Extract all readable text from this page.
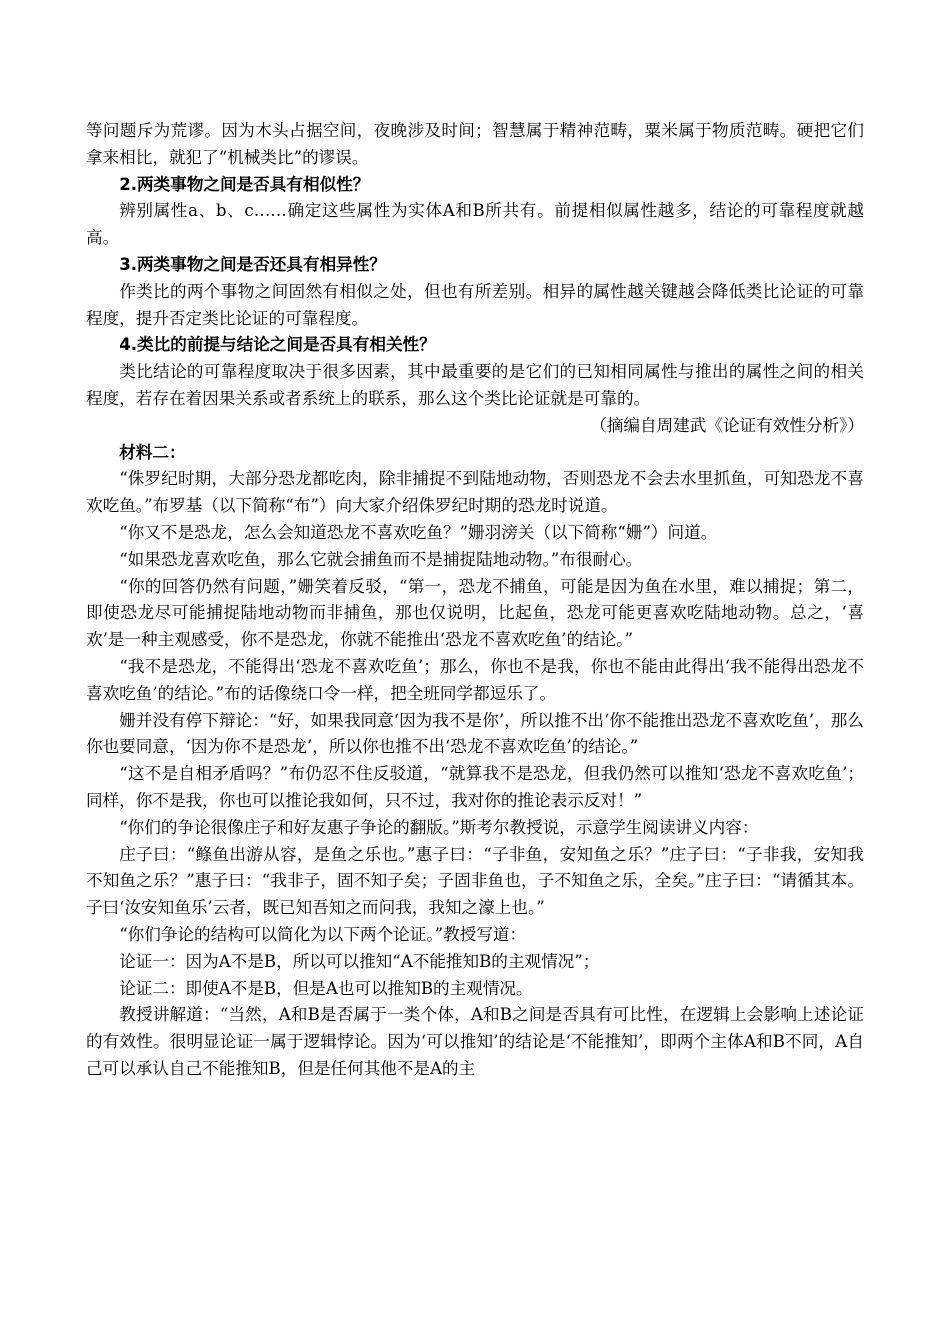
等问题斥为荒谬。因为木头占据空间，夜晚涉及时间；智慧属于精神范畴，粟米属于物质范畴。硬把它们拿来相比，就犯了“机械类比”的谬误。

2.两类事物之间是否具有相似性？

辨别属性a、b、c……确定这些属性为实体A和B所共有。前提相似属性越多，结论的可靠程度就越高。

3.两类事物之间是否还具有相异性？

作类比的两个事物之间固然有相似之处，但也有所差别。相异的属性越关键越会降低类比论证的可靠程度，提升否定类比论证的可靠程度。

4.类比的前提与结论之间是否具有相关性？

类比结论的可靠程度取决于很多因素，其中最重要的是它们的已知相同属性与推出的属性之间的相关程度，若存在着因果关系或者系统上的联系，那么这个类比论证就是可靠的。

（摘编自周建武《论证有效性分析》）

材料二：

“侏罗纪时期，大部分恐龙都吃肉，除非捕捉不到陆地动物，否则恐龙不会去水里抓鱼，可知恐龙不喜欢吃鱼。”布罗基（以下简称“布”）向大家介绍侏罗纪时期的恐龙时说道。

“你又不是恐龙，怎么会知道恐龙不喜欢吃鱼？”姗羽滂关（以下简称“姗”）问道。

“如果恐龙喜欢吃鱼，那么它就会捕鱼而不是捕捉陆地动物。”布很耐心。

“你的回答仍然有问题，”姗笑着反驳，“第一，恐龙不捕鱼，可能是因为鱼在水里，难以捕捉；第二，即使恐龙尽可能捕捉陆地动物而非捕鱼，那也仅说明，比起鱼，恐龙可能更喜欢吃陆地动物。总之，‘喜欢’是一种主观感受，你不是恐龙，你就不能推出‘恐龙不喜欢吃鱼’的结论。”

“我不是恐龙，不能得出‘恐龙不喜欢吃鱼’；那么，你也不是我，你也不能由此得出‘我不能得出恐龙不喜欢吃鱼’的结论。”布的话像绕口令一样，把全班同学都逗乐了。

姗并没有停下辩论：“好，如果我同意‘因为我不是你’，所以推不出‘你不能推出恐龙不喜欢吃鱼’，那么你也要同意，‘因为你不是恐龙’，所以你也推不出‘恐龙不喜欢吃鱼’的结论。”

“这不是自相矛盾吗？”布仍忍不住反驳道，“就算我不是恐龙，但我仍然可以推知‘恐龙不喜欢吃鱼’；同样，你不是我，你也可以推论我如何，只不过，我对你的推论表示反对！”

“你们的争论很像庄子和好友惠子争论的翻版。”斯考尔教授说，示意学生阅读讲义内容：

庄子曰：“鲦鱼出游从容，是鱼之乐也。”惠子曰：“子非鱼，安知鱼之乐？”庄子曰：“子非我，安知我不知鱼之乐？”惠子曰：“我非子，固不知子矣；子固非鱼也，子不知鱼之乐，全矣。”庄子曰：“请循其本。子曰‘汝安知鱼乐’云者，既已知吾知之而问我，我知之濠上也。”

“你们争论的结构可以简化为以下两个论证。”教授写道：

论证一：因为A不是B，所以可以推知“A不能推知B的主观情况”；

论证二：即使A不是B，但是A也可以推知B的主观情况。

教授讲解道：“当然，A和B是否属于一类个体，A和B之间是否具有可比性，在逻辑上会影响上述论证的有效性。很明显论证一属于逻辑悖论。因为‘可以推知’的结论是‘不能推知’，即两个主体A和B不同，A自己可以承认自己不能推知B，但是任何其他不是A的主
